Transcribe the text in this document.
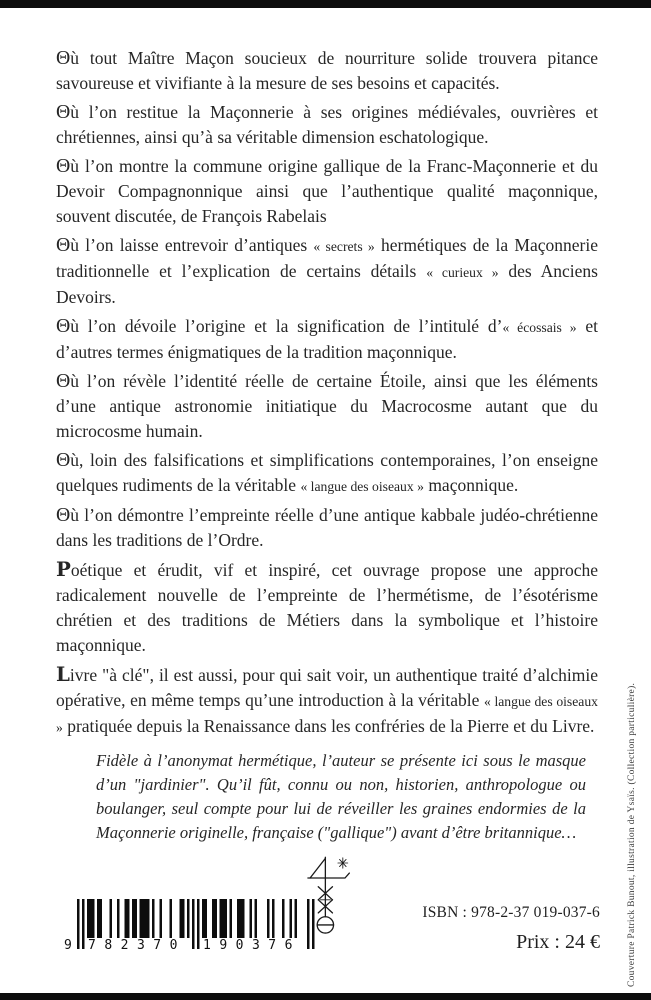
Θù tout Maître Maçon soucieux de nourriture solide trouvera pitance savoureuse et vivifiante à la mesure de ses besoins et capacités.

Θù l’on restitue la Maçonnerie à ses origines médiévales, ouvrières et chrétiennes, ainsi qu’à sa véritable dimension eschatologique.

Θù l’on montre la commune origine gallique de la Franc-Maçonnerie et du Devoir Compagnonnique ainsi que l’authentique qualité maçonnique, souvent discutée, de François Rabelais

Θù l’on laisse entrevoir d’antiques « secrets » hermétiques de la Maçonnerie traditionnelle et l’explication de certains détails « curieux » des Anciens Devoirs.

Θù l’on dévoile l’origine et la signification de l’intitulé d’« écossais » et d’autres termes énigmatiques de la tradition maçonnique.

Θù l’on révèle l’identité réelle de certaine Étoile, ainsi que les éléments d’une antique astronomie initiatique du Macrocosme autant que du microcosme humain.

Θù, loin des falsifications et simplifications contemporaines, l’on enseigne quelques rudiments de la véritable « langue des oiseaux » maçonnique.

Θù l’on démontre l’empreinte réelle d’une antique kabbale judéo-chrétienne dans les traditions de l’Ordre.

Poétique et érudit, vif et inspiré, cet ouvrage propose une approche radicalement nouvelle de l’empreinte de l’hermétisme, de l’ésotérisme chrétien et des traditions de Métiers dans la symbolique et l’histoire maçonnique.

Livre "à clé", il est aussi, pour qui sait voir, un authentique traité d’alchimie opérative, en même temps qu’une introduction à la véritable « langue des oiseaux » pratiquée depuis la Renaissance dans les confréries de la Pierre et du Livre.

Fidèle à l’anonymat hermétique, l’auteur se présente ici sous le masque d’un "jardinier". Qu’il fût, connu ou non, historien, anthropologue ou boulanger, seul compte pour lui de réveiller les graines endormies de la Maçonnerie originelle, française ("gallique") avant d’être britannique…
9 782370 190376
ISBN : 978-2-37 019-037-6
Prix : 24 €	Couverture Patrick Bunout, illustration de Ysaïs. (Collection particulière).
